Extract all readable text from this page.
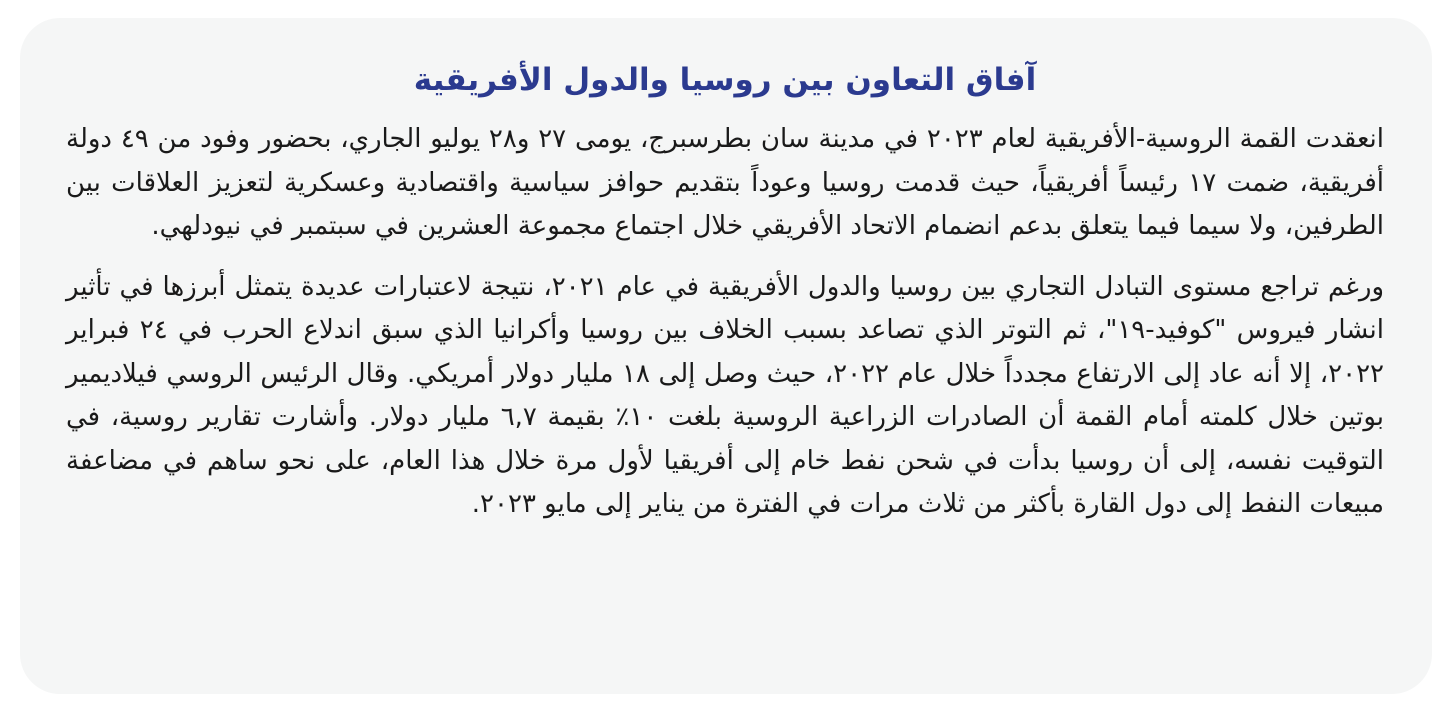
آفاق التعاون بين روسيا والدول الأفريقية

انعقدت القمة الروسية-الأفريقية لعام ٢٠٢٣ في مدينة سان بطرسبرج، يومى ٢٧ و٢٨ يوليو الجاري، بحضور وفود من ٤٩ دولة أفريقية، ضمت ١٧ رئيساً أفريقياً، حيث قدمت روسيا وعوداً بتقديم حوافز سياسية واقتصادية وعسكرية لتعزيز العلاقات بين الطرفين، ولا سيما فيما يتعلق بدعم انضمام الاتحاد الأفريقي خلال اجتماع مجموعة العشرين في سبتمبر في نيودلهي.

ورغم تراجع مستوى التبادل التجاري بين روسيا والدول الأفريقية في عام ٢٠٢١، نتيجة لاعتبارات عديدة يتمثل أبرزها في تأثير انشار فيروس "كوفيد-١٩"، ثم التوتر الذي تصاعد بسبب الخلاف بين روسيا وأكرانيا الذي سبق اندلاع الحرب في ٢٤ فبراير ٢٠٢٢، إلا أنه عاد إلى الارتفاع مجدداً خلال عام ٢٠٢٢، حيث وصل إلى ١٨ مليار دولار أمريكي. وقال الرئيس الروسي فيلاديمير بوتين خلال كلمته أمام القمة أن الصادرات الزراعية الروسية بلغت ١٠٪ بقيمة ٦,٧ مليار دولار. وأشارت تقارير روسية، في التوقيت نفسه، إلى أن روسيا بدأت في شحن نفط خام إلى أفريقيا لأول مرة خلال هذا العام، على نحو ساهم في مضاعفة مبيعات النفط إلى دول القارة بأكثر من ثلاث مرات في الفترة من يناير إلى مايو ٢٠٢٣.
